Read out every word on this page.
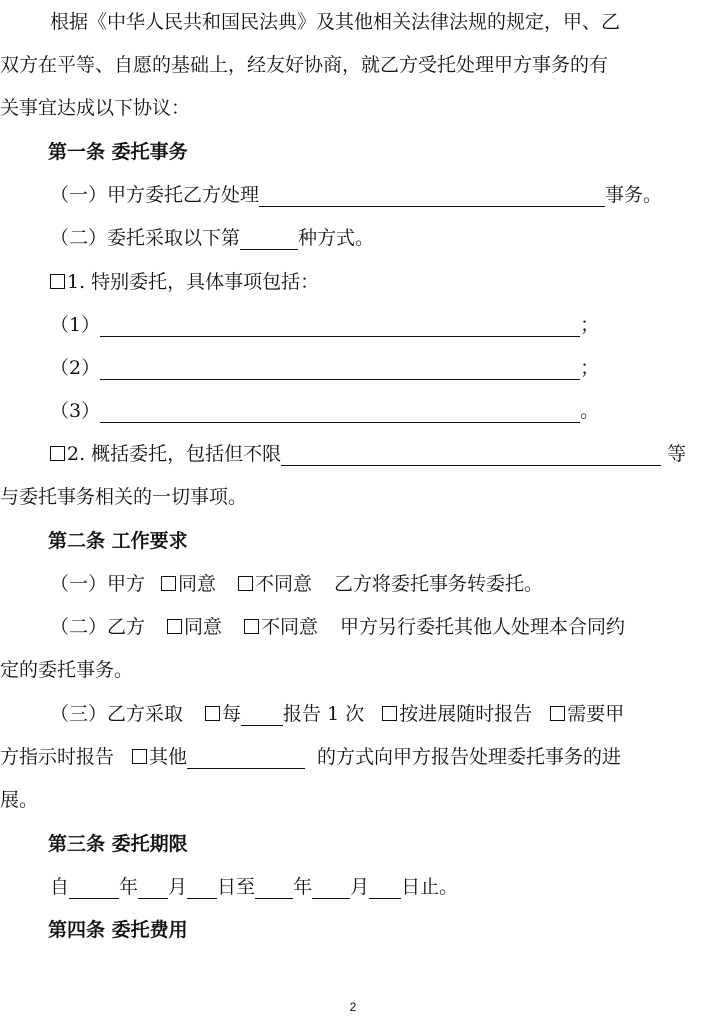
根据《中华人民共和国民法典》及其他相关法律法规的规定，甲、乙
双方在平等、自愿的基础上，经友好协商，就乙方受托处理甲方事务的有
关事宜达成以下协议：
第一条 委托事务
（一）甲方委托乙方处理	事务。
（二）委托采取以下第	种方式。
1. 特别委托，具体事项包括：
（1）	；
（2）	；
（3）	。
2. 概括委托，包括但不限	等
与委托事务相关的一切事项。
第二条 工作要求
（一）甲方 同意 不同意 乙方将委托事务转委托。
（二）乙方 同意 不同意 甲方另行委托其他人处理本合同约
定的委托事务。
（三）乙方采取 每 报告 1 次 按进展随时报告 需要甲
方指示时报告 其他	的方式向甲方报告处理委托事务的进
展。
第三条 委托期限
自	年 月 日至 年 月 日止。
第四条 委托费用
2
